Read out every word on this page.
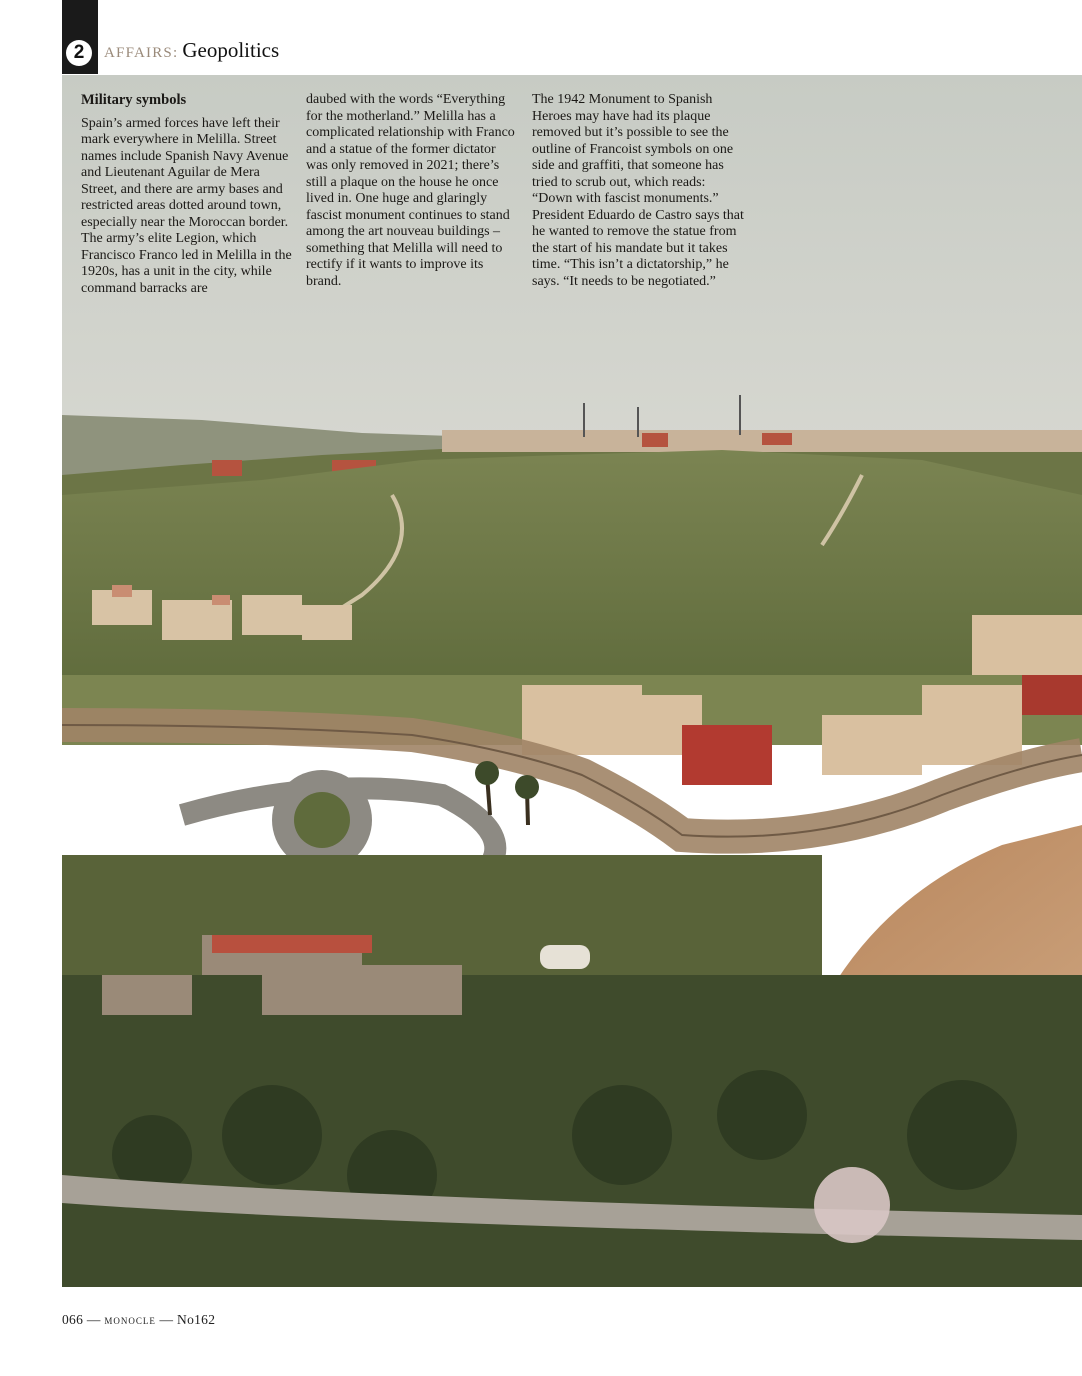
2	AFFAIRS: Geopolitics
Military symbols

Spain’s armed forces have left their mark everywhere in Melilla. Street names include Spanish Navy Avenue and Lieutenant Aguilar de Mera Street, and there are army bases and restricted areas dotted around town, especially near the Moroccan border. The army’s elite Legion, which Francisco Franco led in Melilla in the 1920s, has a unit in the city, while command barracks are

daubed with the words “Everything for the motherland.” Melilla has a complicated relationship with Franco and a statue of the former dictator was only removed in 2021; there’s still a plaque on the house he once lived in. One huge and glaringly fascist monument continues to stand among the art nouveau buildings – something that Melilla will need to rectify if it wants to improve its brand.

The 1942 Monument to Spanish Heroes may have had its plaque removed but it’s possible to see the outline of Francoist symbols on one side and graffiti, that someone has tried to scrub out, which reads: “Down with fascist monuments.” President Eduardo de Castro says that he wanted to remove the statue from the start of his mandate but it takes time. “This isn’t a dictatorship,” he says. “It needs to be negotiated.”

066 — monocle — No162
